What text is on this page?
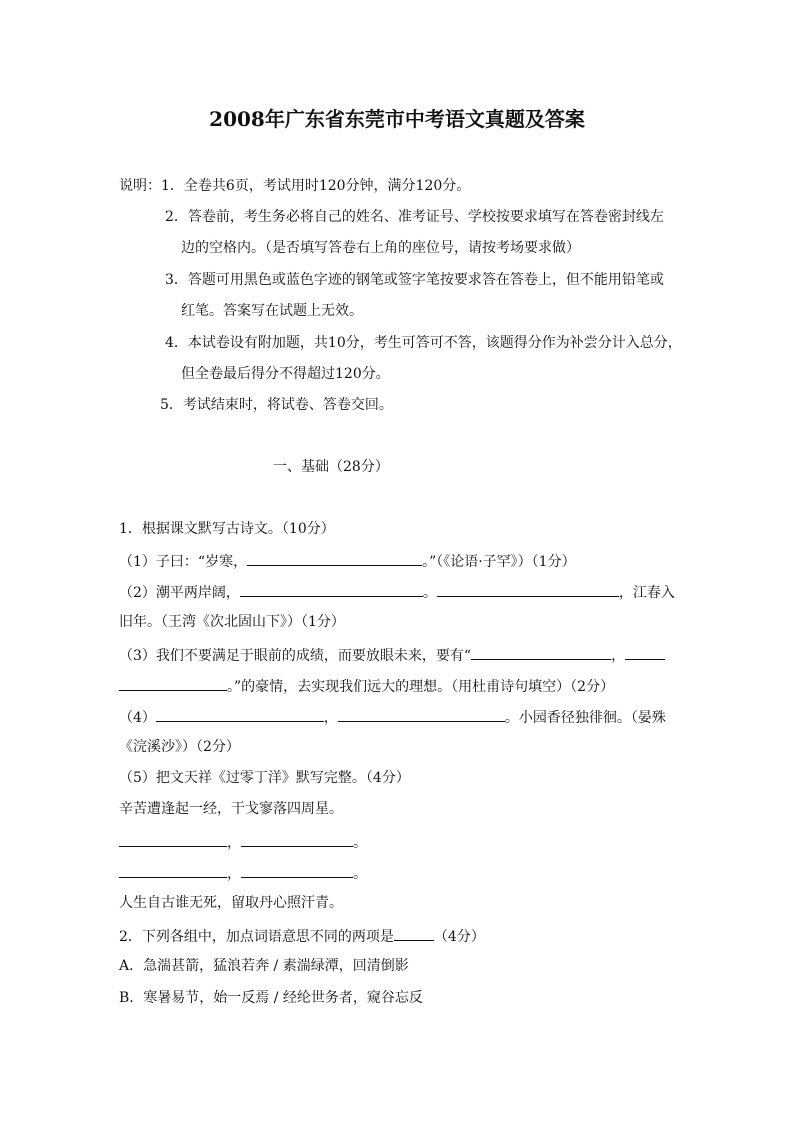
2008年广东省东莞市中考语文真题及答案
说明：1．全卷共6页，考试用时120分钟，满分120分。
2．答卷前，考生务必将自己的姓名、准考证号、学校按要求填写在答卷密封线左
边的空格内。（是否填写答卷右上角的座位号，请按考场要求做）
3．答题可用黑色或蓝色字迹的钢笔或签字笔按要求答在答卷上，但不能用铅笔或
红笔。答案写在试题上无效。
4．本试卷设有附加题，共10分，考生可答可不答，该题得分作为补尝分计入总分，
但全卷最后得分不得超过120分。
5．考试结束时，将试卷、答卷交回。
一、基础（28分）
1．根据课文默写古诗文。（10分）
（1）子曰：“岁寒，	。”（《论语·子罕》）（1分）
（2）潮平两岸阔，	。	，江春入
旧年。（王湾《次北固山下》）（1分）
（3）我们不要满足于眼前的成绩，而要放眼未来，要有“	，
。”的豪情，去实现我们远大的理想。（用杜甫诗句填空）（2分）
（4）	，	。小园香径独徘徊。（晏殊
《浣溪沙》）（2分）
（5）把文天祥《过零丁洋》默写完整。（4分）
辛苦遭逢起一经，干戈寥落四周星。
，	。
，	。
人生自古谁无死，留取丹心照汗青。
2．下列各组中，加点词语意思不同的两项是	（4分）
A．急湍甚箭，猛浪若奔 / 素湍绿潭，回清倒影
B．寒暑易节，始一反焉 / 经纶世务者，窥谷忘反
